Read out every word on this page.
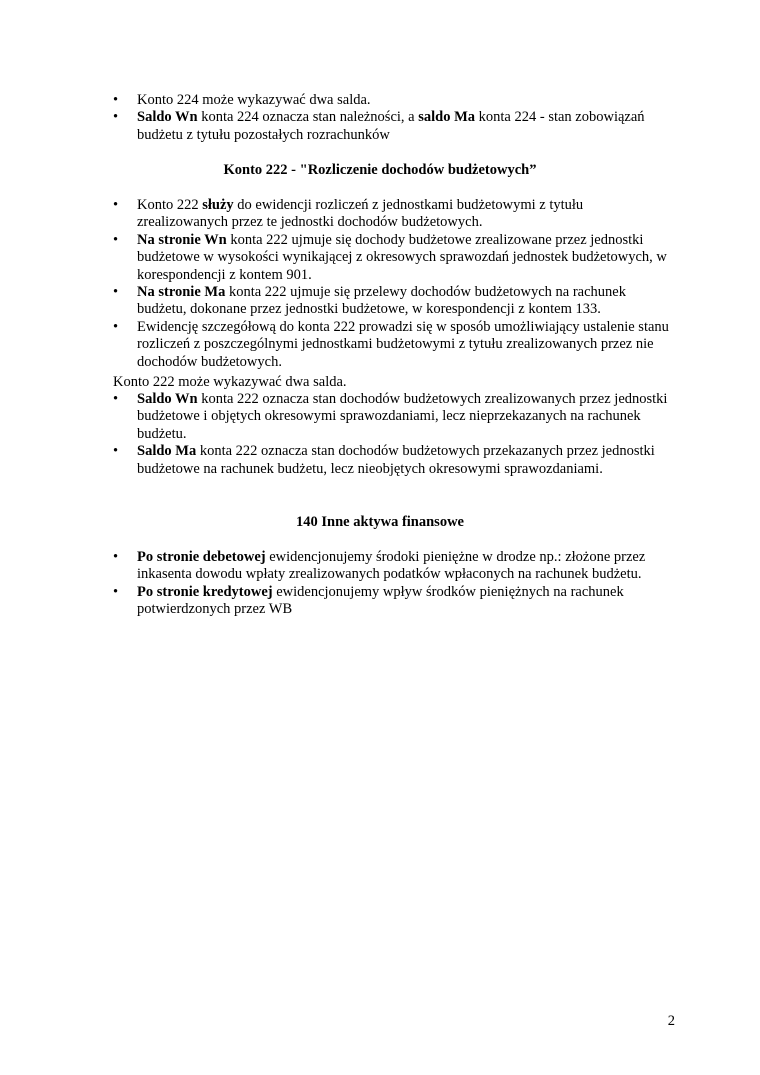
• Konto 224 może wykazywać dwa salda.
• Saldo Wn konta 224 oznacza stan należności, a saldo Ma konta 224 - stan zobowiązań budżetu z tytułu pozostałych rozrachunków
Konto 222 - "Rozliczenie dochodów budżetowych”
• Konto 222 służy do ewidencji rozliczeń z jednostkami budżetowymi z tytułu zrealizowanych przez te jednostki dochodów budżetowych.
• Na stronie Wn konta 222 ujmuje się dochody budżetowe zrealizowane przez jednostki budżetowe w wysokości wynikającej z okresowych sprawozdań jednostek budżetowych, w korespondencji z kontem 901.
• Na stronie Ma konta 222 ujmuje się przelewy dochodów budżetowych na rachunek budżetu, dokonane przez jednostki budżetowe, w korespondencji z kontem 133.
• Ewidencję szczegółową do konta 222 prowadzi się w sposób umożliwiający ustalenie stanu rozliczeń z poszczególnymi jednostkami budżetowymi z tytułu zrealizowanych przez nie dochodów budżetowych.
Konto 222 może wykazywać dwa salda.
• Saldo Wn konta 222 oznacza stan dochodów budżetowych zrealizowanych przez jednostki budżetowe i objętych okresowymi sprawozdaniami, lecz nieprzekazanych na rachunek budżetu.
• Saldo Ma konta 222 oznacza stan dochodów budżetowych przekazanych przez jednostki budżetowe na rachunek budżetu, lecz nieobjętych okresowymi sprawozdaniami.
140 Inne aktywa finansowe
• Po stronie debetowej ewidencjonujemy środoki pieniężne w drodze np.: złożone przez inkasenta dowodu wpłaty zrealizowanych podatków wpłaconych na rachunek budżetu.
• Po stronie kredytowej ewidencjonujemy wpływ środków pieniężnych na rachunek potwierdzonych przez WB
2
